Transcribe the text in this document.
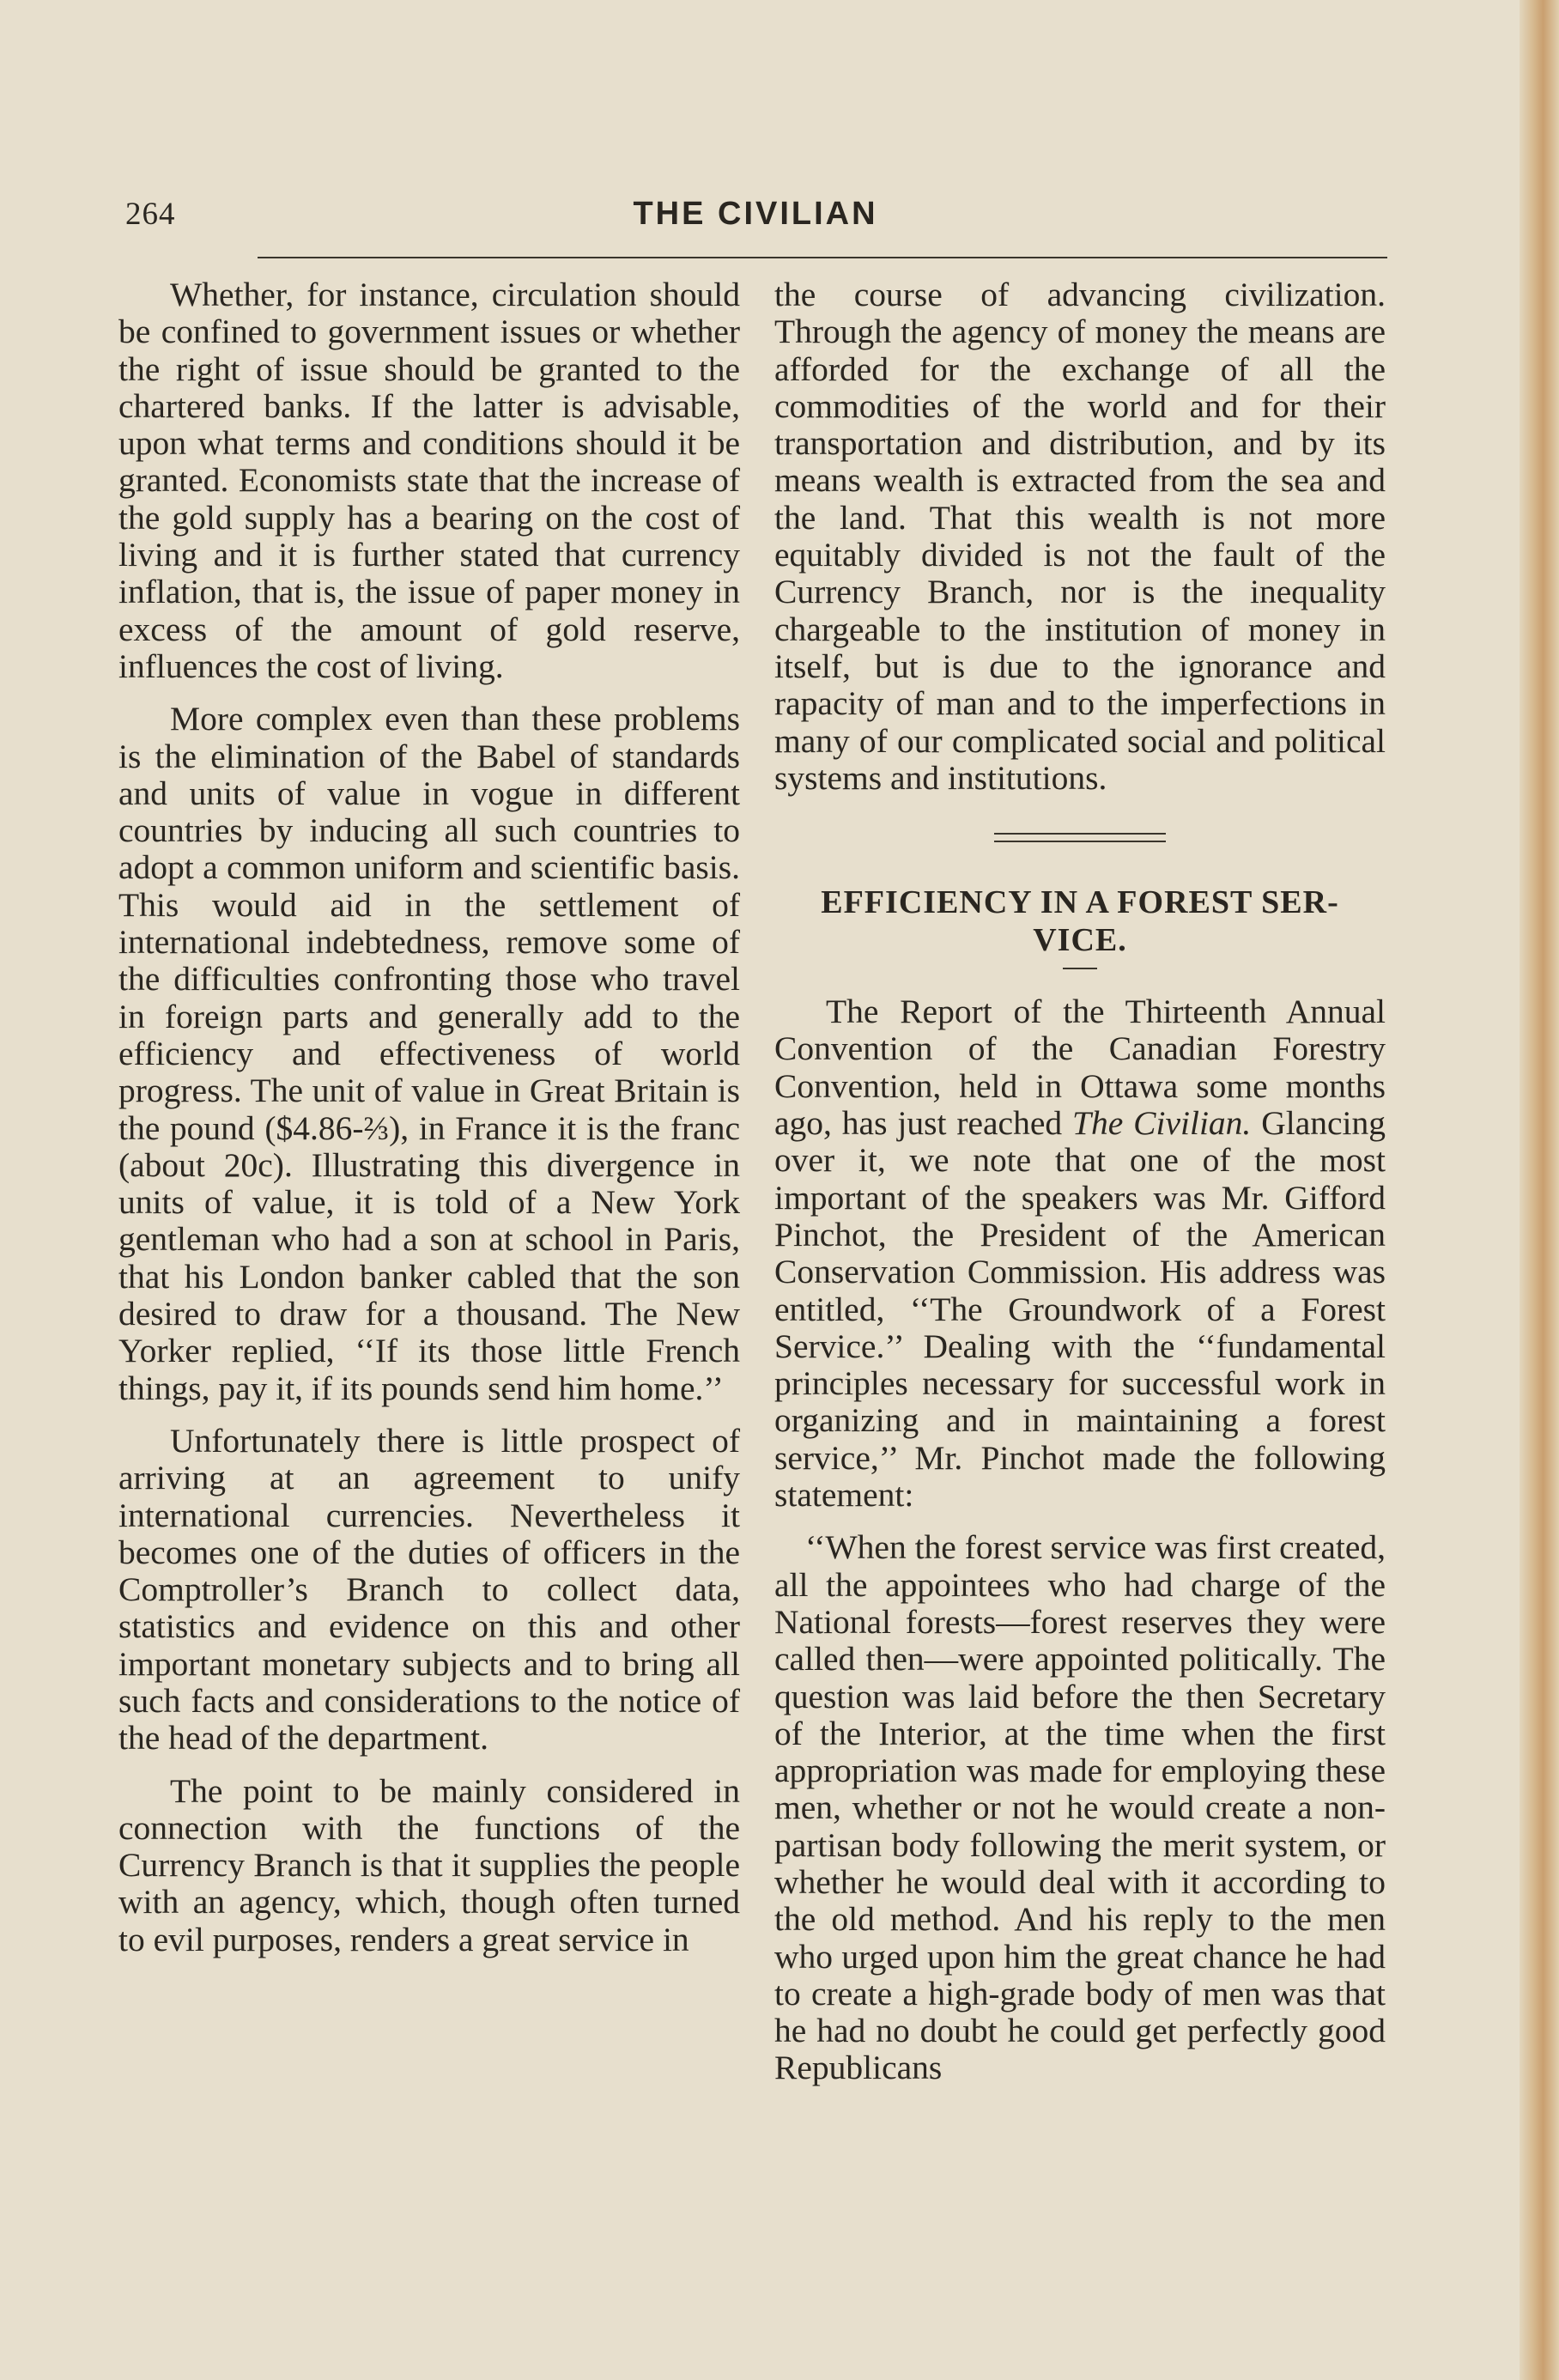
264	THE CIVILIAN

Whether, for instance, circulation should be confined to government issues or whether the right of issue should be granted to the chartered banks. If the latter is advisable, upon what terms and conditions should it be granted. Economists state that the increase of the gold supply has a bearing on the cost of living and it is further stated that currency inflation, that is, the issue of paper money in excess of the amount of gold reserve, influences the cost of living.

More complex even than these problems is the elimination of the Babel of standards and units of value in vogue in different countries by inducing all such countries to adopt a common uniform and scientific basis. This would aid in the settlement of international indebtedness, remove some of the difficulties confronting those who travel in foreign parts and generally add to the efficiency and effectiveness of world progress. The unit of value in Great Britain is the pound ($4.86-⅔), in France it is the franc (about 20c). Illustrating this divergence in units of value, it is told of a New York gentleman who had a son at school in Paris, that his London banker cabled that the son desired to draw for a thousand. The New Yorker replied, ‘‘If its those little French things, pay it, if its pounds send him home.’’

Unfortunately there is little prospect of arriving at an agreement to unify international currencies. Nevertheless it becomes one of the duties of officers in the Comptroller’s Branch to collect data, statistics and evidence on this and other important monetary subjects and to bring all such facts and considerations to the notice of the head of the department.

The point to be mainly considered in connection with the functions of the Currency Branch is that it supplies the people with an agency, which, though often turned to evil purposes, renders a great service in

the course of advancing civilization. Through the agency of money the means are afforded for the exchange of all the commodities of the world and for their transportation and distribution, and by its means wealth is extracted from the sea and the land. That this wealth is not more equitably divided is not the fault of the Currency Branch, nor is the inequality chargeable to the institution of money in itself, but is due to the ignorance and rapacity of man and to the imperfections in many of our complicated social and political systems and institutions.

EFFICIENCY IN A FOREST SER-
VICE.

The Report of the Thirteenth Annual Convention of the Canadian Forestry Convention, held in Ottawa some months ago, has just reached The Civilian. Glancing over it, we note that one of the most important of the speakers was Mr. Gifford Pinchot, the President of the American Conservation Commission. His address was entitled, ‘‘The Groundwork of a Forest Service.’’ Dealing with the ‘‘fundamental principles necessary for successful work in organizing and in maintaining a forest service,’’ Mr. Pinchot made the following statement:

‘‘When the forest service was first created, all the appointees who had charge of the National forests—forest reserves they were called then—were appointed politically. The question was laid before the then Secretary of the Interior, at the time when the first appropriation was made for employing these men, whether or not he would create a non-partisan body following the merit system, or whether he would deal with it according to the old method. And his reply to the men who urged upon him the great chance he had to create a high-grade body of men was that he had no doubt he could get perfectly good Republicans
